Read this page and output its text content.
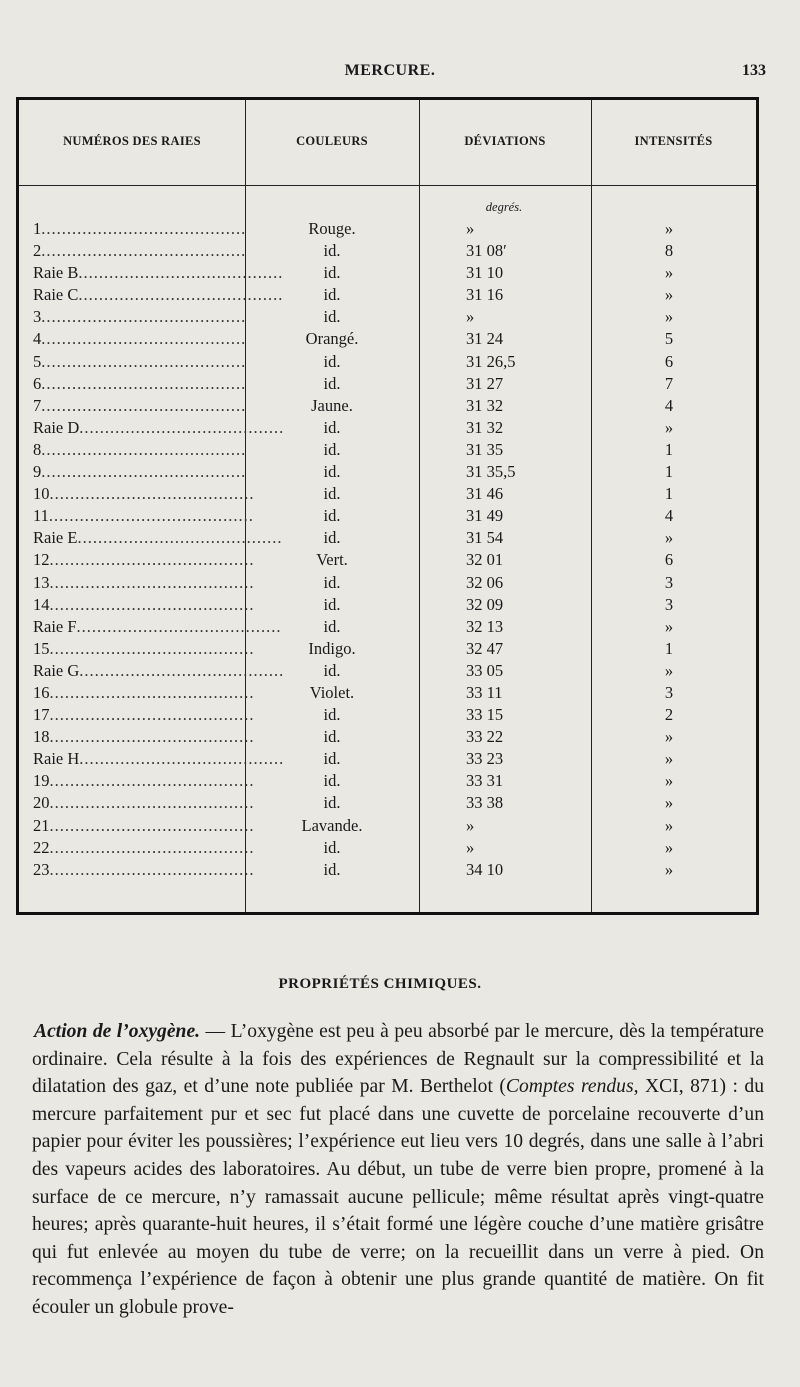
MERCURE.	133
NUMÉROS DES RAIES	COULEURS	DÉVIATIONS	INTENSITÉS
degrés.
1........................................	Rouge.	»	»
2........................................	id.	31 08′	8
Raie B........................................	id.	31 10	»
Raie C........................................	id.	31 16	»
3........................................	id.	»	»
4........................................	Orangé.	31 24	5
5........................................	id.	31 26,5	6
6........................................	id.	31 27	7
7........................................	Jaune.	31 32	4
Raie D........................................	id.	31 32	»
8........................................	id.	31 35	1
9........................................	id.	31 35,5	1
10........................................	id.	31 46	1
11........................................	id.	31 49	4
Raie E........................................	id.	31 54	»
12........................................	Vert.	32 01	6
13........................................	id.	32 06	3
14........................................	id.	32 09	3
Raie F........................................	id.	32 13	»
15........................................	Indigo.	32 47	1
Raie G........................................	id.	33 05	»
16........................................	Violet.	33 11	3
17........................................	id.	33 15	2
18........................................	id.	33 22	»
Raie H........................................	id.	33 23	»
19........................................	id.	33 31	»
20........................................	id.	33 38	»
21........................................	Lavande.	»	»
22........................................	id.	»	»
23........................................	id.	34 10	»
PROPRIÉTÉS CHIMIQUES.
Action de l’oxygène. — L’oxygène est peu à peu absorbé par le mercure, dès la température ordinaire. Cela résulte à la fois des expériences de Regnault sur la compressibilité et la dilatation des gaz, et d’une note publiée par M. Berthelot (Comptes rendus, XCI, 871) : du mercure parfaitement pur et sec fut placé dans une cuvette de porcelaine recouverte d’un papier pour éviter les poussières; l’expérience eut lieu vers 10 degrés, dans une salle à l’abri des vapeurs acides des laboratoires. Au début, un tube de verre bien propre, promené à la surface de ce mercure, n’y ramassait aucune pellicule; même résultat après vingt-quatre heures; après quarante-huit heures, il s’était formé une légère couche d’une matière grisâtre qui fut enlevée au moyen du tube de verre; on la recueillit dans un verre à pied. On recommença l’expérience de façon à obtenir une plus grande quantité de matière. On fit écouler un globule prove-
